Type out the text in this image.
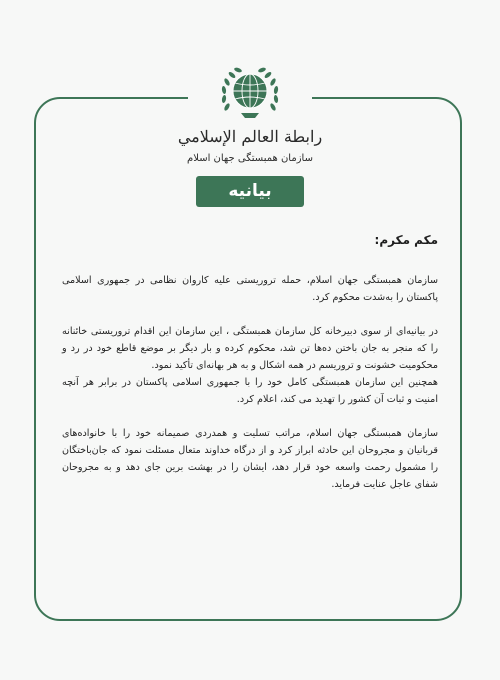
رابطة العالم الإسلامي
سازمان همبستگی جهان اسلام
بیانیه

مکم مکرم:

سازمان همبستگی جهان اسلام، حمله تروریستی علیه کاروان نظامی در جمهوری اسلامی پاکستان را به‌شدت محکوم کرد.

در بیانیه‌ای از سوی دبیرخانه کل سازمان همبستگی ، این سازمان این اقدام تروریستی خائنانه را که منجر به جان باختن ده‌ها تن شد، محکوم کرده و بار دیگر بر موضع قاطع خود در رد و محکومیت خشونت و تروریسم در همه اشکال و به هر بهانه‌ای تأکید نمود.

همچنین این سازمان همبستگی کامل خود را با جمهوری اسلامی پاکستان در برابر هر آنچه امنیت و ثبات آن کشور را تهدید می کند، اعلام کرد.

سازمان همبستگی جهان اسلام، مراتب تسلیت و همدردی صمیمانه خود را با خانواده‌های قربانیان و مجروحان این حادثه ابراز کرد و از درگاه خداوند متعال مسئلت نمود که جان‌باختگان را مشمول رحمت واسعه خود قرار دهد، ایشان را در بهشت برین جای دهد و به مجروحان شفای عاجل عنایت فرماید.
